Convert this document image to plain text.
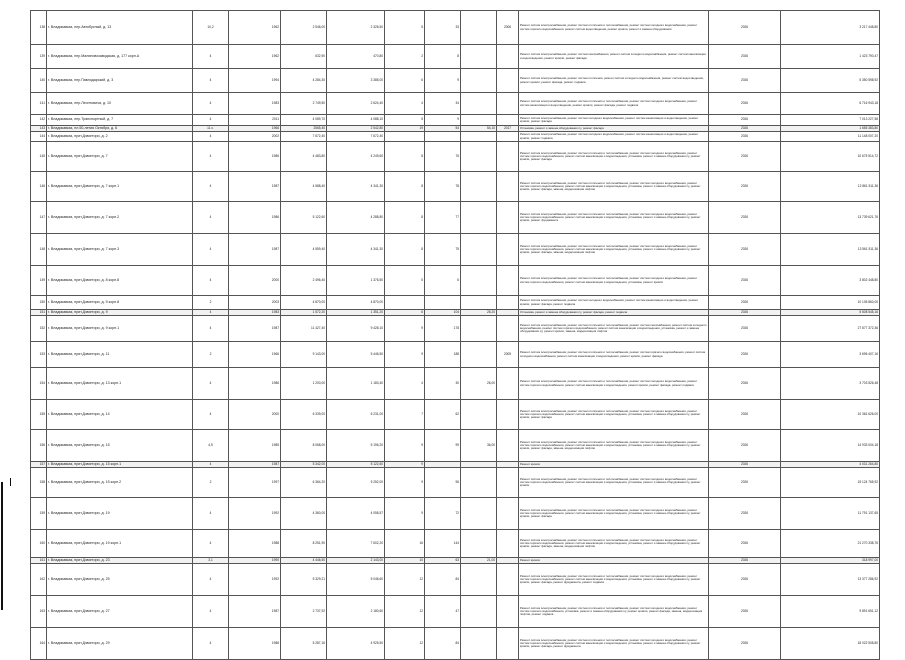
138	г. Владикавказ, пер.Автобусный, д. 13	10,2	1962	2 546,00	2 326,50	5	33		2006	Ремонт систем электроснабжения, ремонт систем отопления и теплоснабжения, ремонт систем холодного водоснабжения, ремонт систем горячего водоснабжения, ремонт систем водоотведения, ремонт кровли, ремонт и замена оборудования	2026	3 217 448,80
139	г. Владикавказ, пер.Малиновозаводская, д. 177 корп.А	4	1962	632,90	470,80	2	8			Ремонт систем электроснабжения, ремонт систем газоснабжения, ремонт систем холодного водоснабжения, ремонт систем канализации и водоотведения, ремонт кровли, ремонт фасада	2026	1 423 790,47
140	г. Владикавказ, пер.Павлодарский, д. 3	4	1994	4 284,30	3 385,00	6	9			Ремонт систем электроснабжения, ремонт систем отопления, ремонт систем холодного водоснабжения, ремонт систем водоотведения, ремонт кровли, ремонт фасада, ремонт подвала	2026	5 350 598,92
141	г. Владикавказ, пер.Леонтовича, д. 10	4	1983	2 749,50	2 624,40	4	34			Ремонт систем электроснабжения, ремонт систем отопления и теплоснабжения, ремонт систем холодного водоснабжения, ремонт систем канализации и водоотведения, ремонт кровли, ремонт фасада, ремонт подвала	2026	6 716 943,18
142	г. Владикавказ, пер.Транспортный, д. 7	4	2011	4 089,70	4 088,10	5	9			Ремонт систем электроснабжения, ремонт систем холодного водоснабжения, ремонт систем канализации и водоотведения, ремонт кровли, ремонт фасада	2026	7 013 227,58
143	г. Владикавказ, пл.50-летия Октября, д. 6	11 с.	1966	2565,40	2 542,80	19	54	54,10	2017	Установка, ремонт и замена оборудования пу, ремонт фасада	2026	1 655 383,80
144	г. Владикавказ, прит.Дзвигтори, д. 2	4	2002	7 672,40	7 672,40					Ремонт систем электроснабжения, ремонт систем холодного водоснабжения, ремонт систем канализации и водоотведения, ремонт кровли, ремонт подвала	2026	11 148 007,20
145	г. Владикавказ, прит.Дзвигтори, д. 7	4	1986	4 483,80	4 249,60	8	76			Ремонт систем электроснабжения, ремонт систем отопления и теплоснабжения, ремонт систем холодного водоснабжения, ремонт систем горячего водоснабжения, ремонт систем канализации и водоотведения, установка, ремонт и замена оборудования пу, ремонт кровли, ремонт фасада	2026	10 675 514,72
146	г. Владикавказ, прит.Дзвигтори, д. 7 корп.1	4	1987	4 588,40	4 341,30	8	78			Ремонт систем электроснабжения, ремонт систем отопления и теплоснабжения, ремонт систем холодного водоснабжения, ремонт систем горячего водоснабжения, ремонт систем канализации и водоотведения, установка, ремонт и замена оборудования пу, ремонт кровли, ремонт фасада, замена, модернизация лифтов	2026	12 861 511,36
147	г. Владикавказ, прит.Дзвигтори, д. 7 корп.2	4	1986	5 122,60	4 288,80	8	77			Ремонт систем электроснабжения, ремонт систем отопления и теплоснабжения, ремонт систем холодного водоснабжения, ремонт систем горячего водоснабжения, ремонт систем канализации и водоотведения, установка, ремонт и замена оборудования пу, ремонт кровли, ремонт фундамента	2026	13 739 621,76
148	г. Владикавказ, прит.Дзвигтори, д. 7 корп.3	4	1987	4 559,40	4 341,30	8	75			Ремонт систем электроснабжения, ремонт систем отопления и теплоснабжения, ремонт систем холодного водоснабжения, ремонт систем горячего водоснабжения, ремонт систем канализации и водоотведения, установка, ремонт и замена оборудования пу, ремонт кровли, ремонт фасада, замена, модернизация лифтов	2026	13 561 511,36
149	г. Владикавказ, прит.Дзвигтори, д. 8 корп.8	4	2000	2 496,40	1 376,50	5	6			Ремонт систем электроснабжения, ремонт систем отопления и теплоснабжения, ремонт систем холодного водоснабжения, ремонт систем горячего водоснабжения, ремонт систем канализации и водоотведения, установка, ремонт кровли	2026	3 802 448,80
150	г. Владикавказ, прит.Дзвигтори, д. 9 корп.8	2	2003	4 870,00	4 870,00					Ремонт систем электроснабжения, ремонт систем холодного водоснабжения, ремонт систем канализации и водоотведения, ремонт кровли, ремонт фасада, ремонт подвала	2026	10 105 860,00
151	г. Владикавказ, прит.Дзвигтори, д. 9	4	1983	1 572,20	1 351,20	6	104	28,20		Установка, ремонт и замена оборудования пу, ремонт фасада, ремонт подвала	2026	5 508 545,16
152	г. Владикавказ, прит.Дзвигтори, д. 9 корп.1	4	1987	11 427,40	9 428,10	9	178			Ремонт систем электроснабжения, ремонт систем отопления и теплоснабжения, ремонт систем газоснабжения, ремонт систем холодного водоснабжения, ремонт систем горячего водоснабжения, ремонт систем канализации и водоотведения, установка, ремонт и замена оборудования пу, ремонт кровли, замена, модернизация лифтов	2026	27 877 372,36
153	г. Владикавказ, прит.Дзвигтори, д. 11	2	1966	9 143,00	5 446,50	9	188		2005	Ремонт систем электроснабжения, ремонт систем отопления и теплоснабжения, ремонт систем горячего водоснабжения, ремонт систем холодного водоснабжения, ремонт систем канализации и водоотведения, ремонт кровли, ремонт фасада	2026	3 696 407,16
154	г. Владикавказ, прит.Дзвигтори, д. 13 корп.1	4	1986	1 200,00	1 183,40	4	30	26,00		Ремонт систем электроснабжения, ремонт систем отопления и теплоснабжения, ремонт систем холодного водоснабжения, ремонт систем горячего водоснабжения, ремонт систем канализации и водоотведения, ремонт кровли, ремонт фасада, ремонт подвала	2026	3 703 526,48
155	г. Владикавказ, прит.Дзвигтори, д. 14	4	2000	6 339,00	6 231,00	7	62			Ремонт систем электроснабжения, ремонт систем отопления и теплоснабжения, ремонт систем холодного водоснабжения, ремонт систем горячего водоснабжения, ремонт систем канализации и водоотведения, установка, ремонт и замена оборудования пу, ремонт кровли, ремонт фасада	2026	10 361 626,00
156	г. Владикавказ, прит.Дзвигтори, д. 15	4,5	1985	8 068,00	5 196,20	9	99	36,00		Ремонт систем электроснабжения, ремонт систем отопления и теплоснабжения, ремонт систем холодного водоснабжения, ремонт систем горячего водоснабжения, ремонт систем канализации и водоотведения, установка, ремонт и замена оборудования пу, ремонт кровли, ремонт фасада, замена, модернизация лифтов	2026	14 933 004,18
157	г. Владикавказ, прит.Дзвигтори, д. 15 корп.1	4	1987	5 342,00	5 122,60	9				Ремонт кровли	2026	4 031 264,80
158	г. Владикавказ, прит.Дзвигтори, д. 15 корп.2	2	1997	6 364,20	5 252,00	9	96			Ремонт систем электроснабжения, ремонт систем отопления и теплоснабжения, ремонт систем холодного водоснабжения, ремонт систем горячего водоснабжения, ремонт систем канализации и водоотведения, установка, ремонт и замена оборудования пу, ремонт кровли	2026	15 124 765,92
159	г. Владикавказ, прит.Дзвигтори, д. 19	4	1992	4 360,00	4 058,57	9	72			Ремонт систем электроснабжения, ремонт систем отопления и теплоснабжения, ремонт систем холодного водоснабжения, ремонт систем горячего водоснабжения, ремонт систем канализации и водоотведения, установка, ремонт и замена оборудования пу, ремонт кровли, ремонт фасада	2026	11 791 137,65
160	г. Владикавказ, прит.Дзвигтори, д. 19 корп.1	4	1988	8 251,90	7 602,20	16	144			Ремонт систем электроснабжения, ремонт систем отопления и теплоснабжения, ремонт систем холодного водоснабжения, ремонт систем горячего водоснабжения, ремонт систем канализации и водоотведения, установка, ремонт и замена оборудования пу, ремонт кровли, ремонт фасада, замена, модернизация лифтов	2026	21 270 338,76
161	г. Владикавказ, прит.Дзвигтори, д. 23	3,1	1990	4 446,50	2 143,00	10	63	21,00		Ремонт кровли	2026	318 997,00
162	г. Владикавказ, прит.Дзвигтори, д. 25	4	1992	5 329,21	5 046,60	12	84			Ремонт систем электроснабжения, ремонт систем отопления и теплоснабжения, ремонт систем холодного водоснабжения, ремонт систем горячего водоснабжения, ремонт систем канализации и водоотведения, установка, ремонт и замена оборудования пу, ремонт кровли, ремонт фасада, ремонт фундамента, ремонт подвала	2026	13 377 286,92
163	г. Владикавказ, прит.Дзвигтори, д. 27	4	1987	2 737,92	2 180,60	12	47			Ремонт систем электроснабжения, ремонт систем отопления и теплоснабжения, ремонт систем холодного водоснабжения, ремонт систем горячего водоснабжения, установка, ремонт и замена оборудования пу, ремонт кровли, ремонт фасада, замена, модернизация лифтов, ремонт подвала	2026	9 891 651,12
164	г. Владикавказ, прит.Дзвигтори, д. 29	4	1988	5 287,16	4 925,50	12	84			Ремонт систем электроснабжения, ремонт систем отопления и теплоснабжения, ремонт систем холодного водоснабжения, ремонт систем горячего водоснабжения, ремонт систем канализации и водоотведения, установка, ремонт и замена оборудования пу, ремонт кровли, ремонт фасада, ремонт фундамента	2026	18 022 508,80
